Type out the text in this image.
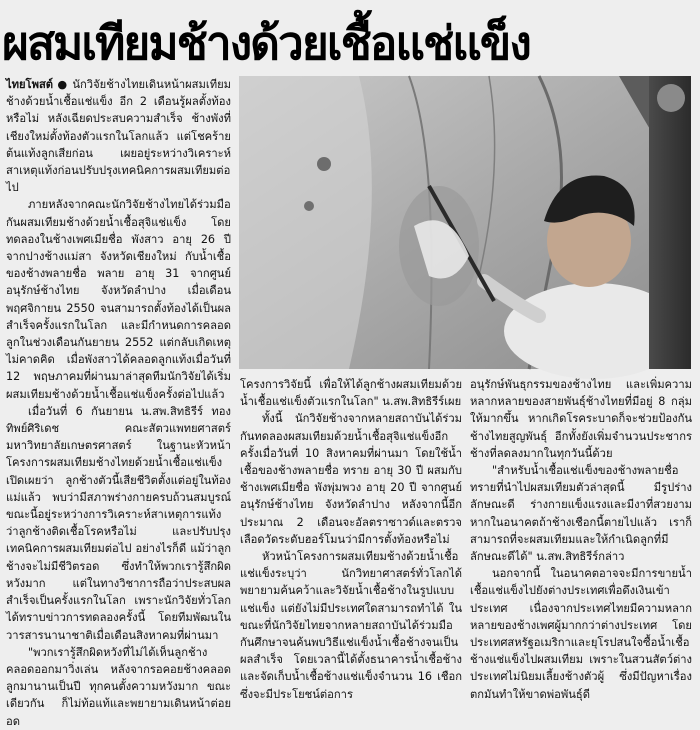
ผสมเทียมช้างด้วยเชื้อแช่แข็ง

ไทยโพสต์ ● นักวิจัยช้างไทยเดินหน้าผสมเทียมช้างด้วยน้ำเชื้อแช่แข็ง อีก 2 เดือนรู้ผลตั้งท้องหรือไม่ หลังเฉียดประสบความสำเร็จ ช้างพังที่เชียงใหม่ตั้งท้องตัวแรกในโลกแล้ว แต่โชคร้ายต้นแท้งลูกเสียก่อน เผยอยู่ระหว่างวิเคราะห์สาเหตุแท้งก่อนปรับปรุงเทคนิคการผสมเทียมต่อไป

ภายหลังจากคณะนักวิจัยช้างไทยได้ร่วมมือกันผสมเทียมช้างด้วยน้ำเชื้อสุจิแช่แข็ง โดยทดลองในช้างเพศเมียชื่อ พังสาว อายุ 26 ปี จากปางช้างแม่สา จังหวัดเชียงใหม่ กับน้ำเชื้อของช้างพลายชื่อ พลาย อายุ 31 จากศูนย์อนุรักษ์ช้างไทย จังหวัดลำปาง เมื่อเดือนพฤศจิกายน 2550 จนสามารถตั้งท้องได้เป็นผลสำเร็จครั้งแรกในโลก และมีกำหนดการคลอดลูกในช่วงเดือนกันยายน 2552 แต่กลับเกิดเหตุไม่คาดคิด เมื่อพังสาวได้คลอดลูกแท้งเมื่อวันที่ 12 พฤษภาคมที่ผ่านมาล่าสุดทีมนักวิจัยได้เริ่มผสมเทียมช้างด้วยน้ำเชื้อแช่แข็งครั้งต่อไปแล้ว

เมื่อวันที่ 6 กันยายน น.สพ.สิทธิรีร์ ทองทิพย์ศิริเดช คณะสัตวแพทยศาสตร์ มหาวิทยาลัยเกษตรศาสตร์ ในฐานะหัวหน้าโครงการผสมเทียมช้างไทยด้วยน้ำเชื้อแช่แข็ง เปิดเผยว่า ลูกช้างตัวนี้เสียชีวิตตั้งแต่อยู่ในท้องแม่แล้ว พบว่ามีสภาพร่างกายครบถ้วนสมบูรณ์ ขณะนี้อยู่ระหว่างการวิเคราะห์สาเหตุการแท้งว่าลูกช้างติดเชื้อโรคหรือไม่ และปรับปรุงเทคนิคการผสมเทียมต่อไป อย่างไรก็ดี แม้ว่าลูกช้างจะไม่มีชีวิตรอด ซึ่งทำให้พวกเรารู้สึกผิดหวังมาก แต่ในทางวิชาการถือว่าประสบผลสำเร็จเป็นครั้งแรกในโลก เพราะนักวิจัยทั่วโลกได้ทราบข่าวการทดลองครั้งนี้ โดยทีมพัฒนในวารสารนานาชาติเมื่อเดือนสิงหาคมที่ผ่านมา

"พวกเรารู้สึกผิดหวังที่ไม่ได้เห็นลูกช้างคลอดออกมาวิ่งเล่น หลังจากรอคอยช้างคลอดลูกมานานเป็นปี ทุกคนตั้งความหวังมาก ขณะเดียวกัน ก็ไม่ท้อแท้และพยายามเดินหน้าต่อยอด

โครงการวิจัยนี้ เพื่อให้ได้ลูกช้างผสมเทียมด้วยน้ำเชื้อแช่แข็งตัวแรกในโลก" น.สพ.สิทธิรีร์เผย

ทั้งนี้ นักวิจัยช้างจากหลายสถาบันได้ร่วมกันทดลองผสมเทียมด้วยน้ำเชื้อสุจิแช่แข็งอีกครั้งเมื่อวันที่ 10 สิงหาคมที่ผ่านมา โดยใช้น้ำเชื้อของช้างพลายชื่อ ทราย อายุ 30 ปี ผสมกับช้างเพศเมียชื่อ พังพุ่มพวง อายุ 20 ปี จากศูนย์อนุรักษ์ช้างไทย จังหวัดลำปาง หลังจากนี้อีกประมาณ 2 เดือนจะอัลตราซาวด์และตรวจเลือดวัดระดับฮอร์โมนว่ามีการตั้งท้องหรือไม่

หัวหน้าโครงการผสมเทียมช้างด้วยน้ำเชื้อแช่แข็งระบุว่า นักวิทยาศาสตร์ทั่วโลกได้พยายามค้นคว้าและวิจัยน้ำเชื้อช้างในรูปแบบแช่แข็ง แต่ยังไม่มีประเทศใดสามารถทำได้ ในขณะที่นักวิจัยไทยจากหลายสถาบันได้ร่วมมือกันศึกษาจนค้นพบวิธีแช่แข็งน้ำเชื้อช้างจนเป็นผลสำเร็จ โดยเวลานี้ได้ตั้งธนาคารน้ำเชื้อช้าง และจัดเก็บน้ำเชื้อช้างแช่แข็งจำนวน 16 เชือก ซึ่งจะมีประโยชน์ต่อการ

อนุรักษ์พันธุกรรมของช้างไทย และเพิ่มความหลากหลายของสายพันธุ์ช้างไทยที่มีอยู่ 8 กลุ่มให้มากขึ้น หากเกิดโรคระบาดก็จะช่วยป้องกันช้างไทยสูญพันธุ์ อีกทั้งยังเพิ่มจำนวนประชากรช้างที่ลดลงมากในทุกวันนี้ด้วย

"สำหรับน้ำเชื้อแช่แข็งของช้างพลายชื่อทรายที่นำไปผสมเทียมตัวล่าสุดนี้ มีรูปร่างลักษณะดี ร่างกายแข็งแรงและมีงาที่สวยงาม หากในอนาคตถ้าช้างเชือกนี้ตายไปแล้ว เราก็สามารถที่จะผสมเทียมและให้กำเนิดลูกที่มีลักษณะดีได้" น.สพ.สิทธิรีร์กล่าว

นอกจากนี้ ในอนาคตอาจจะมีการขายน้ำเชื้อแช่แข็งไปยังต่างประเทศเพื่อดึงเงินเข้าประเทศ เนื่องจากประเทศไทยมีความหลากหลายของช้างเพศผู้มากกว่าต่างประเทศ โดยประเทศสหรัฐอเมริกาและยุโรปสนใจซื้อน้ำเชื้อช้างแช่แข็งไปผสมเทียม เพราะในสวนสัตว์ต่างประเทศไม่นิยมเลี้ยงช้างตัวผู้ ซึ่งมีปัญหาเรื่องตกมันทำให้ขาดพ่อพันธุ์ดี
